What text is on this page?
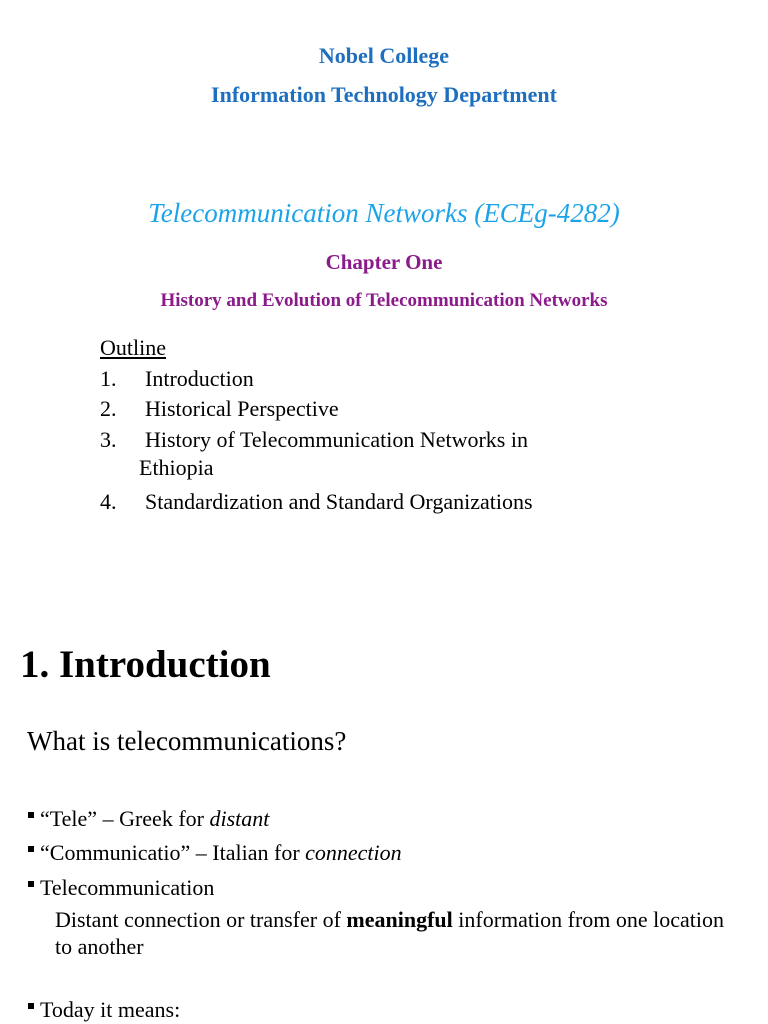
Nobel College
Information Technology Department
Telecommunication Networks (ECEg-4282)
Chapter One
History and Evolution of Telecommunication Networks
Outline
1. Introduction
2. Historical Perspective
3. History of Telecommunication Networks in
Ethiopia
4. Standardization and Standard Organizations
1. Introduction
What is telecommunications?
“Tele” – Greek for distant
“Communicatio” – Italian for connection
Telecommunication
Distant connection or transfer of meaningful information from one location to another
Today it means:
